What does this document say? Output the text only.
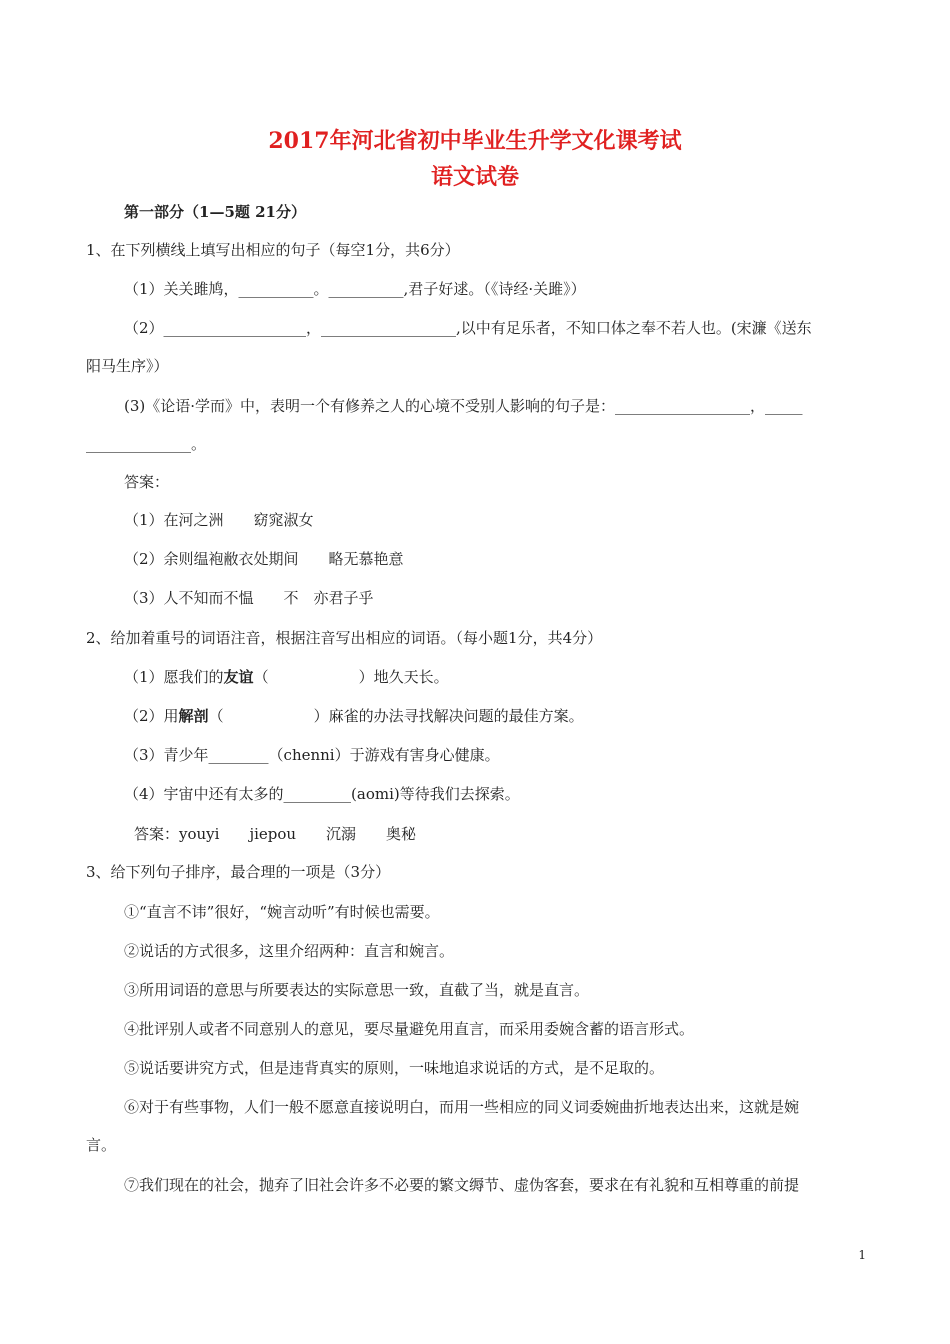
2017年河北省初中毕业生升学文化课考试
语文试卷
第一部分（1—5题 21分）
1、在下列横线上填写出相应的句子（每空1分，共6分）
（1）关关雎鸠，__________。__________,君子好逑。（《诗经·关雎》）
（2）___________________，__________________,以中有足乐者，不知口体之奉不若人也。(宋濂《送东
阳马生序》）
(3)《论语·学而》中，表明一个有修养之人的心境不受别人影响的句子是：__________________，_____
______________。
答案：
（1）在河之洲　　窈窕淑女
（2）余则缊袍敝衣处期间　　略无慕艳意
（3）人不知而不愠　　不　亦君子乎
2、给加着重号的词语注音，根据注音写出相应的词语。（每小题1分，共4分）
（1）愿我们的友谊（　　　　　　）地久天长。
（2）用解剖（　　　　　　）麻雀的办法寻找解决问题的最佳方案。
（3）青少年________（chenni）于游戏有害身心健康。
（4）宇宙中还有太多的_________(aomi)等待我们去探索。
答案：youyi　　jiepou　　沉溺　　奥秘
3、给下列句子排序，最合理的一项是（3分）
①“直言不讳”很好，“婉言动听”有时候也需要。
②说话的方式很多，这里介绍两种：直言和婉言。
③所用词语的意思与所要表达的实际意思一致，直截了当，就是直言。
④批评别人或者不同意别人的意见，要尽量避免用直言，而采用委婉含蓄的语言形式。
⑤说话要讲究方式，但是违背真实的原则，一味地追求说话的方式，是不足取的。
⑥对于有些事物，人们一般不愿意直接说明白，而用一些相应的同义词委婉曲折地表达出来，这就是婉
言。
⑦我们现在的社会，抛弃了旧社会许多不必要的繁文缛节、虚伪客套，要求在有礼貌和互相尊重的前提
1
